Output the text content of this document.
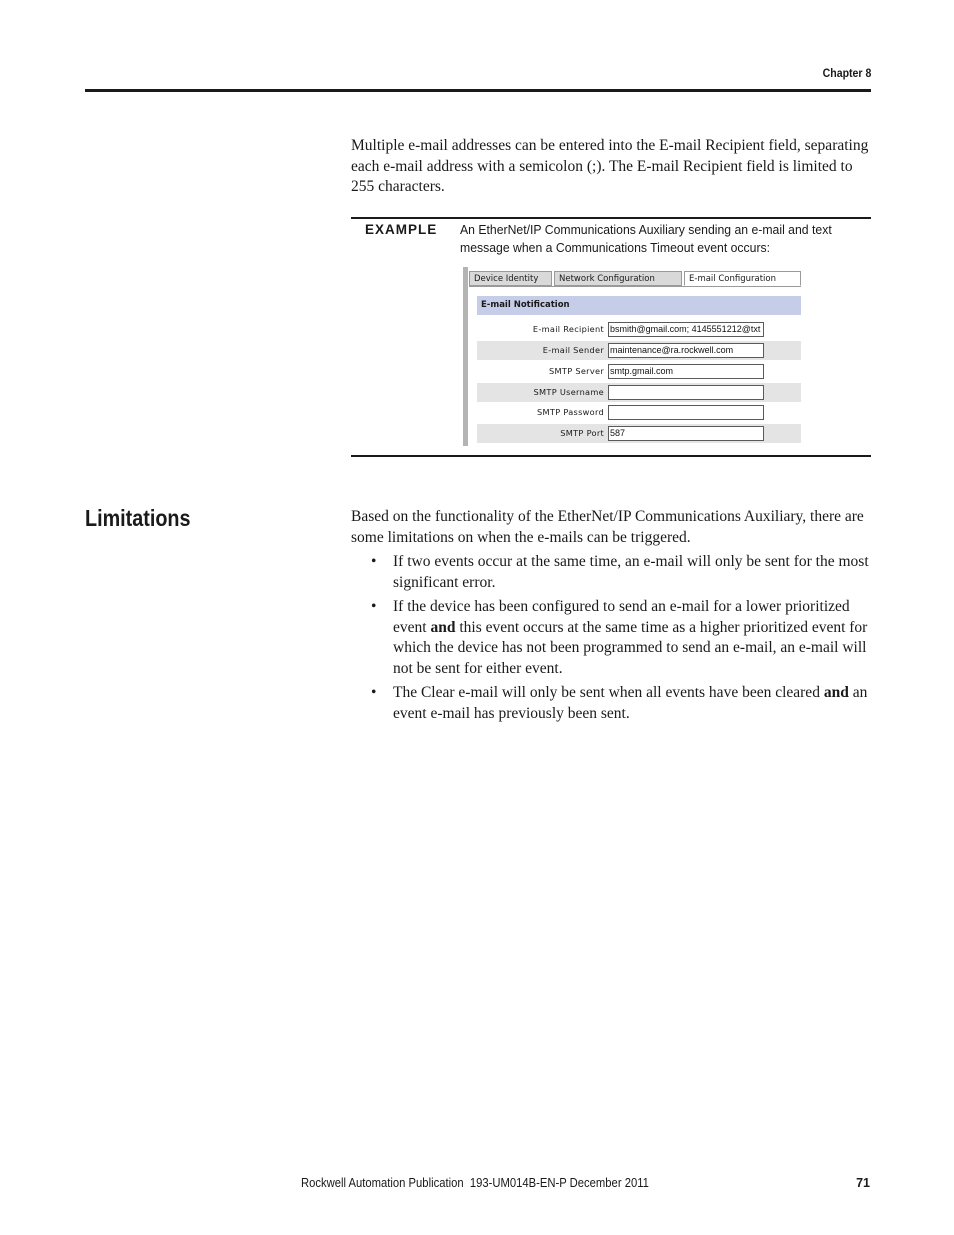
Chapter 8
Multiple e-mail addresses can be entered into the E-mail Recipient field, separating each e-mail address with a semicolon (;). The E-mail Recipient field is limited to 255 characters.
EXAMPLE An EtherNet/IP Communications Auxiliary sending an e-mail and text
message when a Communications Timeout event occurs:
Device Identity	Network Configuration	E-mail Configuration
E-mail Notification
E-mail Recipient bsmith@gmail.com; 4145551212@txt
E-mail Sender maintenance@ra.rockwell.com
SMTP Server smtp.gmail.com
SMTP Username
SMTP Password
SMTP Port 587
Limitations	Based on the functionality of the EtherNet/IP Communications Auxiliary, there are some limitations on when the e-mails can be triggered.
• If two events occur at the same time, an e-mail will only be sent for the most significant error.
• If the device has been configured to send an e-mail for a lower prioritized event and this event occurs at the same time as a higher prioritized event for which the device has not been programmed to send an e-mail, an e-mail will not be sent for either event.
• The Clear e-mail will only be sent when all events have been cleared and an event e-mail has previously been sent.
Rockwell Automation Publication  193-UM014B-EN-P December 2011	71
